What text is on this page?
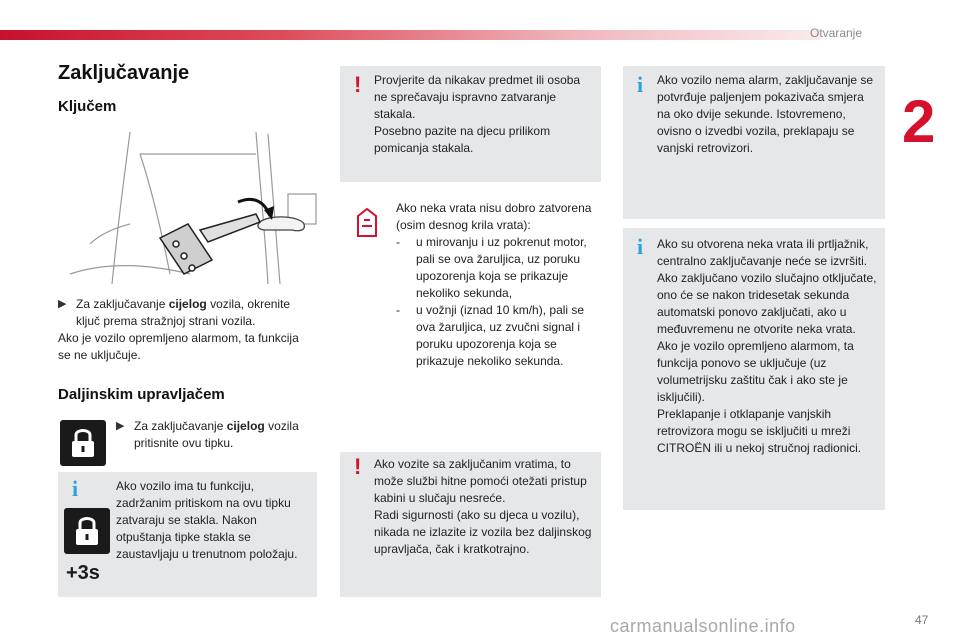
Otvaranje
2
Zaključavanje
Ključem
▶ Za zaključavanje cijelog vozila, okrenite ključ prema stražnjoj strani vozila.

Ako je vozilo opremljeno alarmom, ta funkcija se ne uključuje.

Daljinskim upravljačem
▶ Za zaključavanje cijelog vozila pritisnite ovu tipku.
i
+3s

Ako vozilo ima tu funkciju, zadržanim pritiskom na ovu tipku zatvaraju se stakla. Nakon otpuštanja tipke stakla se zaustavljaju u trenutnom položaju.

! Provjerite da nikakav predmet ili osoba ne sprečavaju ispravno zatvaranje stakala.

Posebno pazite na djecu prilikom pomicanja stakala.

Ako neka vrata nisu dobro zatvorena (osim desnog krila vrata):

-	u mirovanju i uz pokrenut motor, pali se ova žaruljica, uz poruku upozorenja koja se prikazuje nekoliko sekunda,
-	u vožnji (iznad 10 km/h), pali se ova žaruljica, uz zvučni signal i poruku upozorenja koja se prikazuje nekoliko sekunda.
! Ako vozite sa zaključanim vratima, to može službi hitne pomoći otežati pristup kabini u slučaju nesreće.

Radi sigurnosti (ako su djeca u vozilu), nikada ne izlazite iz vozila bez daljinskog upravljača, čak i kratkotrajno.

i Ako vozilo nema alarm, zaključavanje se potvrđuje paljenjem pokazivača smjera na oko dvije sekunde. Istovremeno, ovisno o izvedbi vozila, preklapaju se vanjski retrovizori.

i Ako su otvorena neka vrata ili prtljažnik, centralno zaključavanje neće se izvršiti.

Ako zaključano vozilo slučajno otključate, ono će se nakon tridesetak sekunda automatski ponovo zaključati, ako u međuvremenu ne otvorite neka vrata.

Ako je vozilo opremljeno alarmom, ta funkcija ponovo se uključuje (uz volumetrijsku zaštitu čak i ako ste je isključili).

Preklapanje i otklapanje vanjskih retrovizora mogu se isključiti u mreži CITROËN ili u nekoj stručnoj radionici.

carmanualsonline.info	47
